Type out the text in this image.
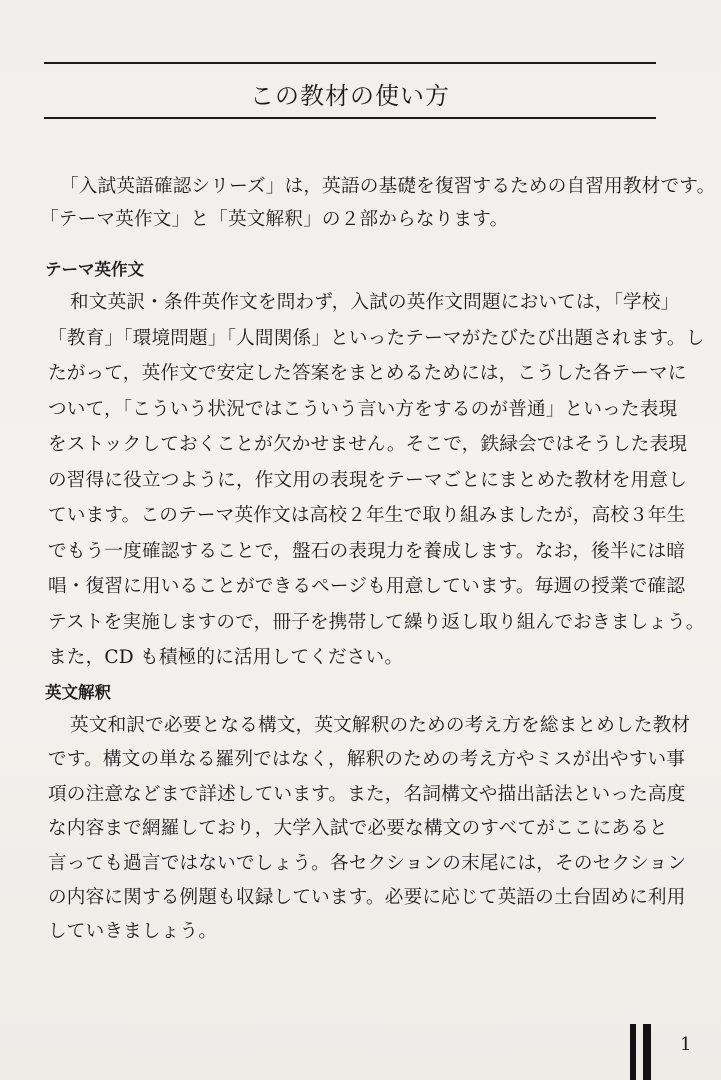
この教材の使い方
「入試英語確認シリーズ」は，英語の基礎を復習するための自習用教材です。
「テーマ英作文」と「英文解釈」の２部からなります。
テーマ英作文
和文英訳・条件英作文を問わず，入試の英作文問題においては，「学校」
「教育」「環境問題」「人間関係」といったテーマがたびたび出題されます。し
たがって，英作文で安定した答案をまとめるためには，こうした各テーマに
ついて，「こういう状況ではこういう言い方をするのが普通」といった表現
をストックしておくことが欠かせません。そこで，鉄緑会ではそうした表現
の習得に役立つように，作文用の表現をテーマごとにまとめた教材を用意し
ています。このテーマ英作文は高校２年生で取り組みましたが，高校３年生
でもう一度確認することで，盤石の表現力を養成します。なお，後半には暗
唱・復習に用いることができるページも用意しています。毎週の授業で確認
テストを実施しますので，冊子を携帯して繰り返し取り組んでおきましょう。
また，CD も積極的に活用してください。
英文解釈
英文和訳で必要となる構文，英文解釈のための考え方を総まとめした教材
です。構文の単なる羅列ではなく，解釈のための考え方やミスが出やすい事
項の注意などまで詳述しています。また，名詞構文や描出話法といった高度
な内容まで網羅しており，大学入試で必要な構文のすべてがここにあると
言っても過言ではないでしょう。各セクションの末尾には，そのセクション
の内容に関する例題も収録しています。必要に応じて英語の土台固めに利用
していきましょう。
1
